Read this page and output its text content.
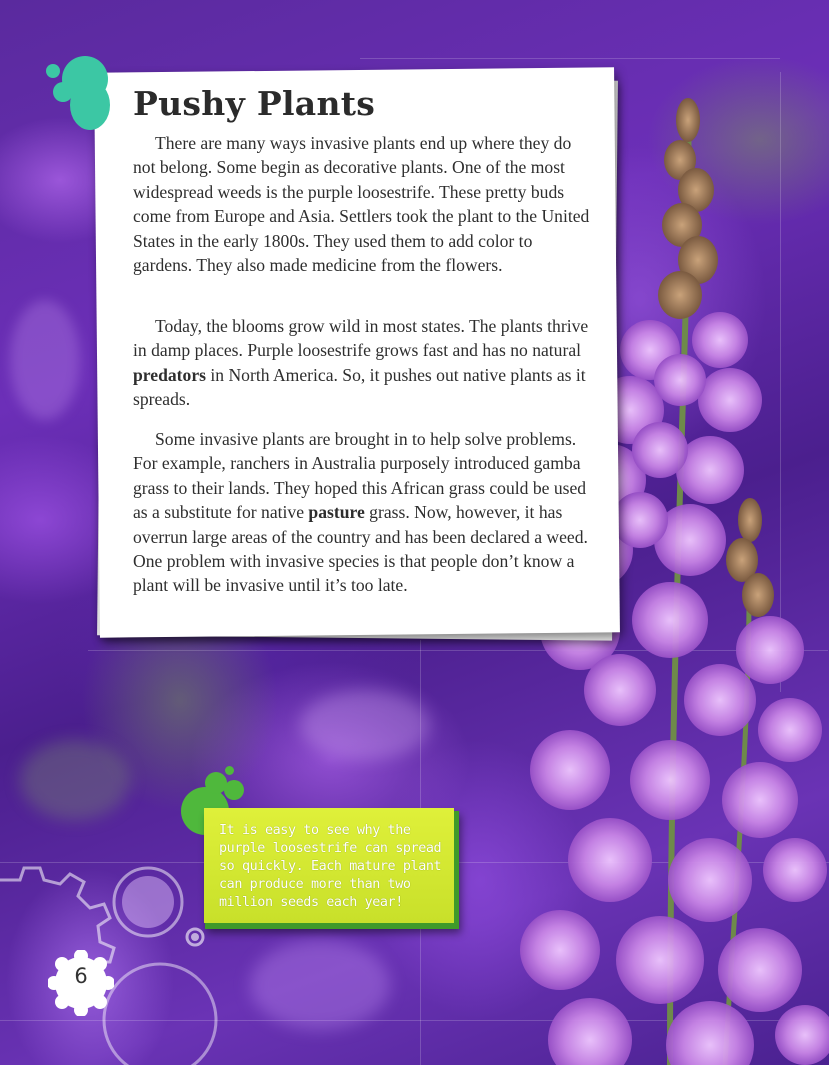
Pushy Plants

There are many ways invasive plants end up where they do not belong. Some begin as decorative plants. One of the most widespread weeds is the purple loosestrife. These pretty buds come from Europe and Asia. Settlers took the plant to the United States in the early 1800s. They used them to add color to gardens. They also made medicine from the flowers.

Today, the blooms grow wild in most states. The plants thrive in damp places. Purple loosestrife grows fast and has no natural predators in North America. So, it pushes out native plants as it spreads.

Some invasive plants are brought in to help solve problems. For example, ranchers in Australia purposely introduced gamba grass to their lands. They hoped this African grass could be used as a substitute for native pasture grass. Now, however, it has overrun large areas of the country and has been declared a weed. One problem with invasive species is that people don’t know a plant will be invasive until it’s too late.

It is easy to see why the purple loosestrife can spread so quickly. Each mature plant can produce more than two million seeds each year!

6
